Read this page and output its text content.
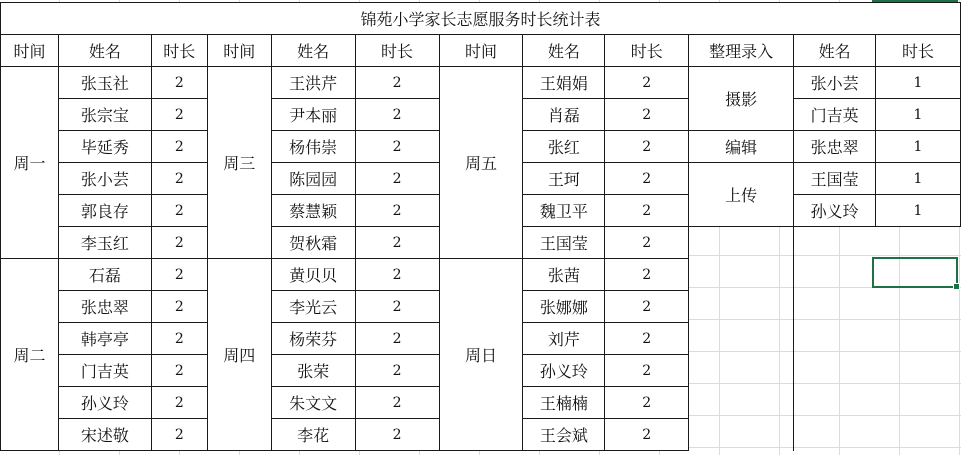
锦苑小学家长志愿服务时长统计表											
时间	姓名	时长	时间	姓名	时长	时间	姓名	时长	整理录入	姓名	时长
周一	张玉社	2	周三	王洪芹	2	周五	王娟娟	2	摄影	张小芸	1
	张宗宝	2		尹本丽	2		肖磊	2		门吉英	1
	毕延秀	2		杨伟崇	2		张红	2	编辑	张忠翠	1
	张小芸	2		陈园园	2		王珂	2	上传	王国莹	1
	郭良存	2		蔡慧颖	2		魏卫平	2		孙义玲	1
	李玉红	2		贺秋霜	2		王国莹	2			
周二	石磊	2	周四	黄贝贝	2	周日	张茜	2			
	张忠翠	2		李光云	2		张娜娜	2			
	韩亭亭	2		杨荣芬	2		刘芹	2			
	门吉英	2		张荣	2		孙义玲	2			
	孙义玲	2		朱文文	2		王楠楠	2			
	宋述敬	2		李花	2		王会斌	2			
